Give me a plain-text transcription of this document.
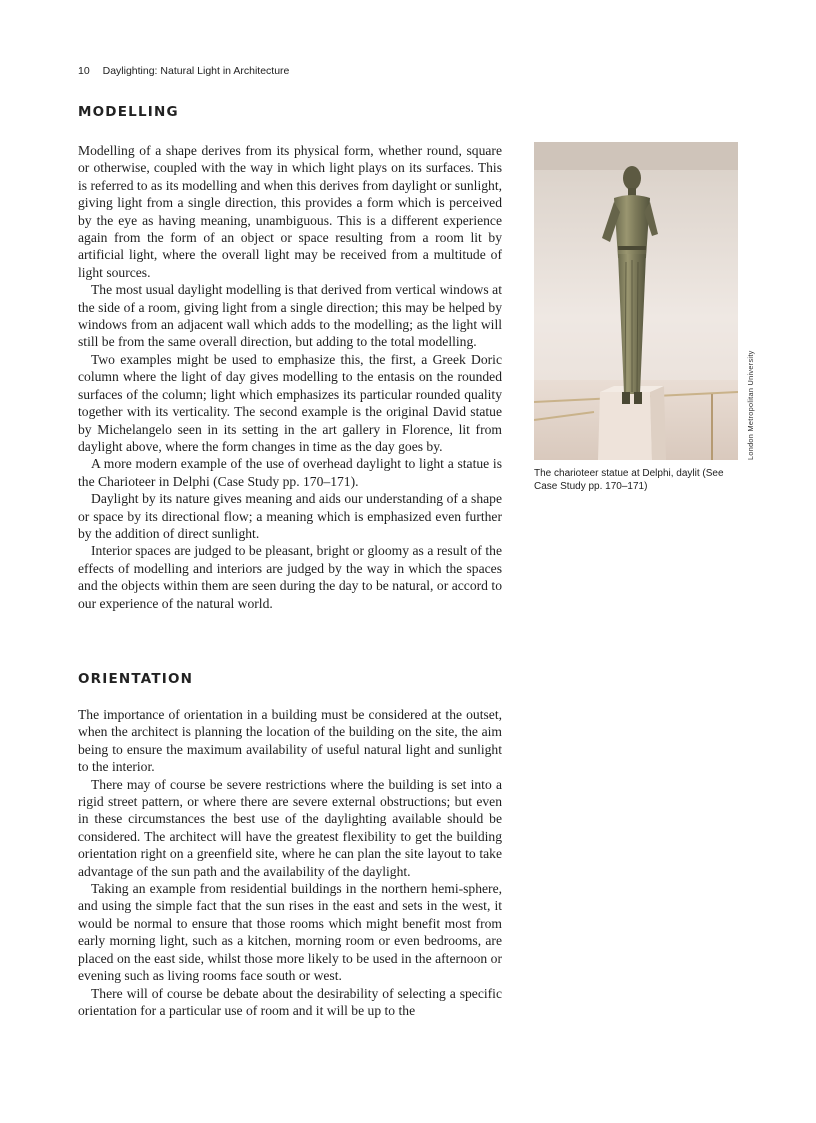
10 Daylighting: Natural Light in Architecture
MODELLING

Modelling of a shape derives from its physical form, whether round, square or otherwise, coupled with the way in which light plays on its surfaces. This is referred to as its modelling and when this derives from daylight or sunlight, giving light from a single direction, this provides a form which is perceived by the eye as having meaning, unambiguous. This is a different experience again from the form of an object or space resulting from a room lit by artificial light, where the overall light may be received from a multitude of light sources.

The most usual daylight modelling is that derived from vertical windows at the side of a room, giving light from a single direction; this may be helped by windows from an adjacent wall which adds to the modelling; as the light will still be from the same overall direction, but adding to the total modelling.

Two examples might be used to emphasize this, the first, a Greek Doric column where the light of day gives modelling to the entasis on the rounded surfaces of the column; light which emphasizes its particular rounded quality together with its verticality. The second example is the original David statue by Michelangelo seen in its setting in the art gallery in Florence, lit from daylight above, where the form changes in time as the day goes by.

A more modern example of the use of overhead daylight to light a statue is the Charioteer in Delphi (Case Study pp. 170–171).

Daylight by its nature gives meaning and aids our understanding of a shape or space by its directional flow; a meaning which is emphasized even further by the addition of direct sunlight.

Interior spaces are judged to be pleasant, bright or gloomy as a result of the effects of modelling and interiors are judged by the way in which the spaces and the objects within them are seen during the day to be natural, or accord to our experience of the natural world.

ORIENTATION

The importance of orientation in a building must be considered at the outset, when the architect is planning the location of the building on the site, the aim being to ensure the maximum availability of useful natural light and sunlight to the interior.

There may of course be severe restrictions where the building is set into a rigid street pattern, or where there are severe external obstructions; but even in these circumstances the best use of the daylighting available should be considered. The architect will have the greatest flexibility to get the building orientation right on a greenfield site, where he can plan the site layout to take advantage of the sun path and the availability of the daylight.

Taking an example from residential buildings in the northern hemi-sphere, and using the simple fact that the sun rises in the east and sets in the west, it would be normal to ensure that those rooms which might benefit most from early morning light, such as a kitchen, morning room or even bedrooms, are placed on the east side, whilst those more likely to be used in the afternoon or evening such as living rooms face south or west.

There will of course be debate about the desirability of selecting a specific orientation for a particular use of room and it will be up to the

London Metropolitan University
The charioteer statue at Delphi, daylit (See Case Study pp. 170–171)
